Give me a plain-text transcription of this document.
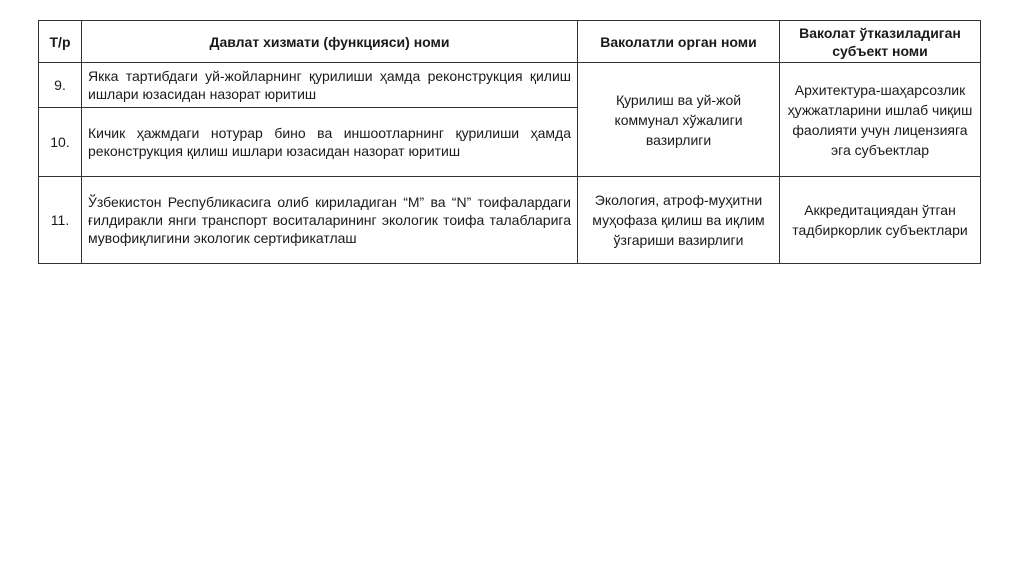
Т/р	Давлат хизмати (функцияси) номи	Ваколатли орган номи	Ваколат ўтказиладиган субъект номи
9.	Якка тартибдаги уй-жойларнинг қурилиши ҳамда реконструкция қилиш ишлари юзасидан назорат юритиш	Қурилиш ва уй-жой коммунал хўжалиги вазирлиги	Архитектура-шаҳарсозлик ҳужжатларини ишлаб чиқиш фаолияти учун лицензияга эга субъектлар
10.	Кичик ҳажмдаги нотурар бино ва иншоотларнинг қурилиши ҳамда реконструкция қилиш ишлари юзасидан назорат юритиш		
11.	Ўзбекистон Республикасига олиб кириладиган “M” ва “N” тоифалардаги ғилдиракли янги транспорт воситаларининг экологик тоифа талабларига мувофиқлигини экологик сертификатлаш	Экология, атроф-муҳитни муҳофаза қилиш ва иқлим ўзгариши вазирлиги	Аккредитациядан ўтган тадбиркорлик субъектлари
